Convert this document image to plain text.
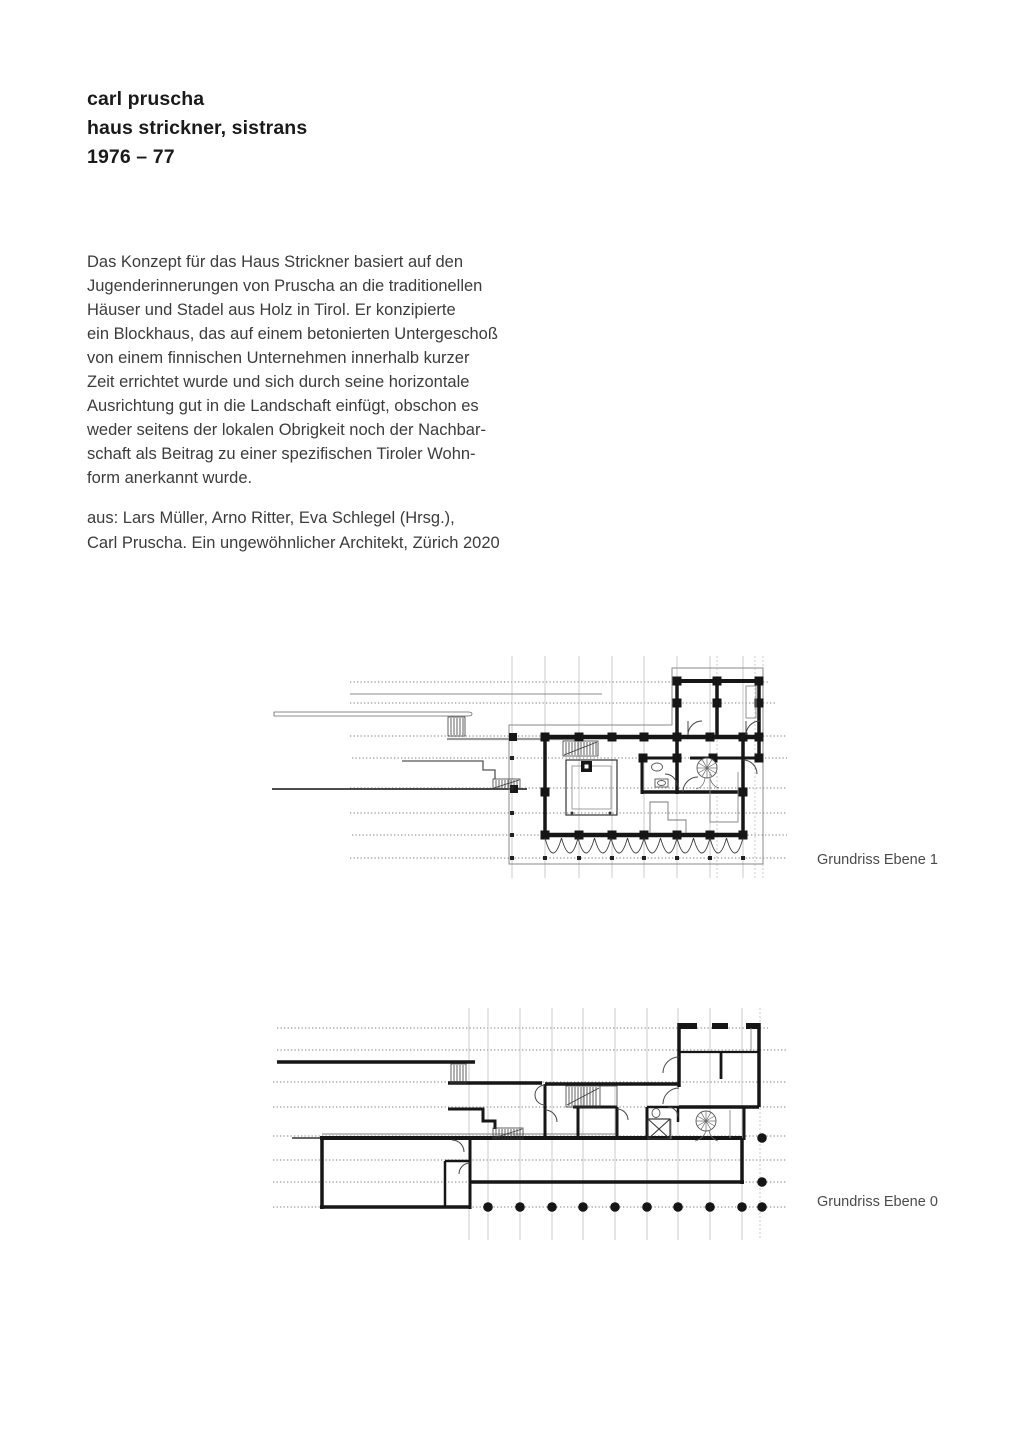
carl pruscha
haus strickner, sistrans
1976 – 77
Das Konzept für das Haus Strickner basiert auf den
Jugenderinnerungen von Pruscha an die traditionellen
Häuser und Stadel aus Holz in Tirol. Er konzipierte
ein Blockhaus, das auf einem betonierten Untergeschoß
von einem finnischen Unternehmen innerhalb kurzer
Zeit errichtet wurde und sich durch seine horizontale
Ausrichtung gut in die Landschaft einfügt, obschon es
weder seitens der lokalen Obrigkeit noch der Nachbar-
schaft als Beitrag zu einer spezifischen Tiroler Wohn-
form anerkannt wurde.
aus: Lars Müller, Arno Ritter, Eva Schlegel (Hrsg.),
Carl Pruscha. Ein ungewöhnlicher Architekt, Zürich 2020
Grundriss Ebene 1
Grundriss Ebene 0
